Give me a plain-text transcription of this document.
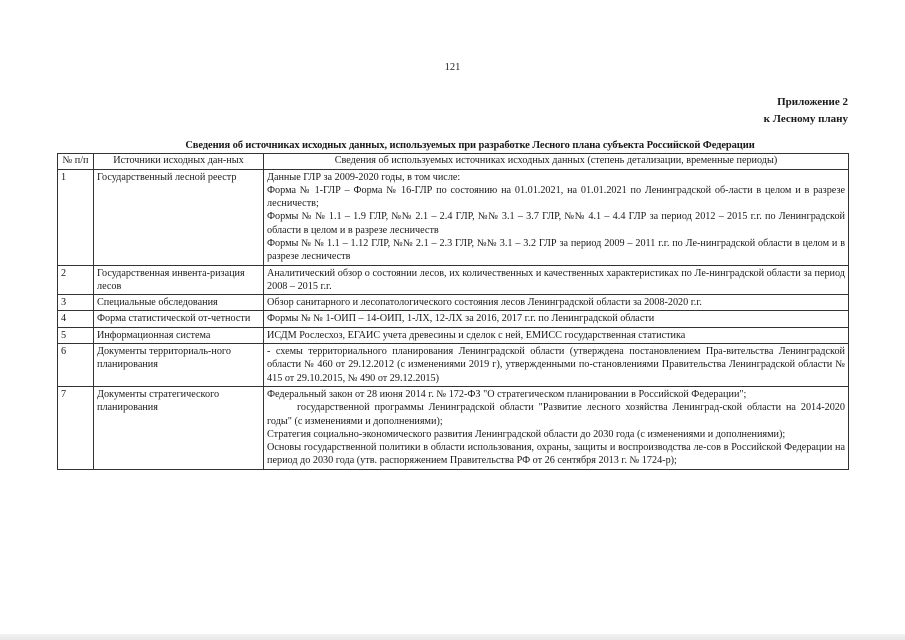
121
Приложение 2
к Лесному плану
Сведения об источниках исходных данных, используемых при разработке Лесного плана субъекта Российской Федерации
№ п/п	Источники исходных дан-ных	Сведения об используемых источниках исходных данных (степень детализации, временные периоды)
1	Государственный лесной реестр	Данные ГЛР за 2009-2020 годы, в том числе:
Форма № 1-ГЛР – Форма № 16-ГЛР по состоянию на 01.01.2021, на 01.01.2021 по Ленинградской об-ласти в целом и в разрезе лесничеств;
Формы № № 1.1 – 1.9 ГЛР, №№ 2.1 – 2.4 ГЛР, №№ 3.1 – 3.7 ГЛР, №№ 4.1 – 4.4 ГЛР за период 2012 – 2015 г.г. по Ленинградской области в целом и в разрезе лесничеств
Формы № № 1.1 – 1.12 ГЛР, №№ 2.1 – 2.3 ГЛР, №№ 3.1 – 3.2 ГЛР за период 2009 – 2011 г.г. по Ле-нинградской области в целом и в разрезе лесничеств

2	Государственная инвента-ризация лесов	Аналитический обзор о состоянии лесов, их количественных и качественных характеристиках по Ле-нинградской области за период 2008 – 2015 г.г.

3	Специальные обследования	Обзор санитарного и лесопатологического состояния лесов Ленинградской области за 2008-2020 г.г.

4	Форма статистической от-четности	Формы № № 1-ОИП – 14-ОИП, 1-ЛХ, 12-ЛХ за 2016, 2017 г.г. по Ленинградской области

5	Информационная система	ИСДМ Рослесхоз, ЕГАИС учета древесины и сделок с ней, ЕМИСС государственная статистика

6	Документы территориаль-ного планирования	- схемы территориального планирования Ленинградской области (утверждена постановлением Пра-вительства Ленинградской области № 460 от 29.12.2012 (с изменениями 2019 г), утвержденными по-становлениями Правительства Ленинградской области № 415 от 29.10.2015, № 490 от 29.12.2015)

7	Документы стратегического планирования	Федеральный закон от 28 июня 2014 г. № 172-ФЗ "О стратегическом планировании в Российской Федерации";
государственной программы Ленинградской области "Развитие лесного хозяйства Ленинград-ской области на 2014-2020 годы" (с изменениями и дополнениями);
Стратегия социально-экономического развития Ленинградской области до 2030 года (с изменениями и дополнениями);
Основы государственной политики в области использования, охраны, защиты и воспроизводства ле-сов в Российской Федерации на период до 2030 года (утв. распоряжением Правительства РФ от 26 сентября 2013 г. № 1724-р);
